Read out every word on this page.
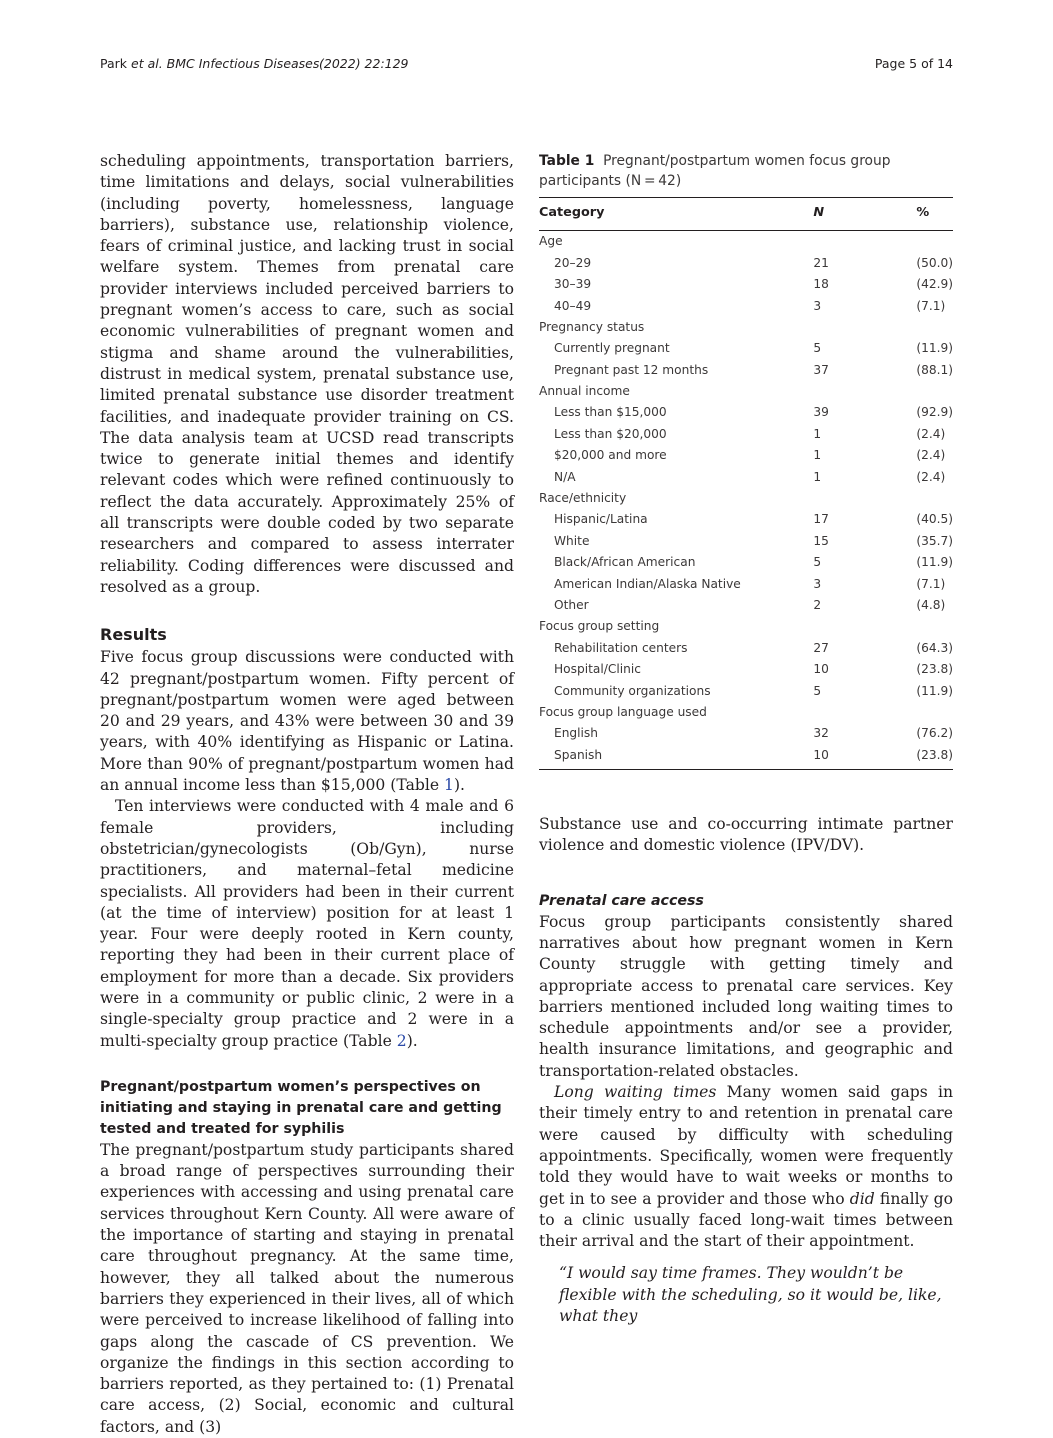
Park et al. BMC Infectious Diseases (2022) 22:129	Page 5 of 14

scheduling appointments, transportation barriers, time limitations and delays, social vulnerabilities (including poverty, homelessness, language barriers), substance use, relationship violence, fears of criminal justice, and lacking trust in social welfare system. Themes from prenatal care provider interviews included perceived barriers to pregnant women’s access to care, such as social economic vulnerabilities of pregnant women and stigma and shame around the vulnerabilities, distrust in medical system, prenatal substance use, limited prenatal substance use disorder treatment facilities, and inadequate provider training on CS. The data analysis team at UCSD read transcripts twice to generate initial themes and identify relevant codes which were refined continuously to reflect the data accurately. Approximately 25% of all transcripts were double coded by two separate researchers and compared to assess interrater reliability. Coding differences were discussed and resolved as a group.

Results

Five focus group discussions were conducted with 42 pregnant/postpartum women. Fifty percent of pregnant/postpartum women were aged between 20 and 29 years, and 43% were between 30 and 39 years, with 40% identifying as Hispanic or Latina. More than 90% of pregnant/postpartum women had an annual income less than $15,000 (Table 1).

Ten interviews were conducted with 4 male and 6 female providers, including obstetrician/gynecologists (Ob/Gyn), nurse practitioners, and maternal–fetal medicine specialists. All providers had been in their current (at the time of interview) position for at least 1 year. Four were deeply rooted in Kern county, reporting they had been in their current place of employment for more than a decade. Six providers were in a community or public clinic, 2 were in a single-specialty group practice and 2 were in a multi-specialty group practice (Table 2).

Pregnant/postpartum women’s perspectives on initiating and staying in prenatal care and getting tested and treated for syphilis

The pregnant/postpartum study participants shared a broad range of perspectives surrounding their experiences with accessing and using prenatal care services throughout Kern County. All were aware of the importance of starting and staying in prenatal care throughout pregnancy. At the same time, however, they all talked about the numerous barriers they experienced in their lives, all of which were perceived to increase likelihood of falling into gaps along the cascade of CS prevention. We organize the findings in this section according to barriers reported, as they pertained to: (1) Prenatal care access, (2) Social, economic and cultural factors, and (3)

Table 1 Pregnant/postpartum women focus group participants (N = 42)
Category	N	%
Age		
20–29	21	(50.0)
30–39	18	(42.9)
40–49	3	(7.1)
Pregnancy status		
Currently pregnant	5	(11.9)
Pregnant past 12 months	37	(88.1)
Annual income		
Less than $15,000	39	(92.9)
Less than $20,000	1	(2.4)
$20,000 and more	1	(2.4)
N/A	1	(2.4)
Race/ethnicity		
Hispanic/Latina	17	(40.5)
White	15	(35.7)
Black/African American	5	(11.9)
American Indian/Alaska Native	3	(7.1)
Other	2	(4.8)
Focus group setting		
Rehabilitation centers	27	(64.3)
Hospital/Clinic	10	(23.8)
Community organizations	5	(11.9)
Focus group language used		
English	32	(76.2)
Spanish	10	(23.8)

Substance use and co-occurring intimate partner violence and domestic violence (IPV/DV).

Prenatal care access

Focus group participants consistently shared narratives about how pregnant women in Kern County struggle with getting timely and appropriate access to prenatal care services. Key barriers mentioned included long waiting times to schedule appointments and/or see a provider, health insurance limitations, and geographic and transportation-related obstacles.

Long waiting times Many women said gaps in their timely entry to and retention in prenatal care were caused by difficulty with scheduling appointments. Specifically, women were frequently told they would have to wait weeks or months to get in to see a provider and those who did finally go to a clinic usually faced long-wait times between their arrival and the start of their appointment.

“I would say time frames. They wouldn’t be flexible with the scheduling, so it would be, like, what they
